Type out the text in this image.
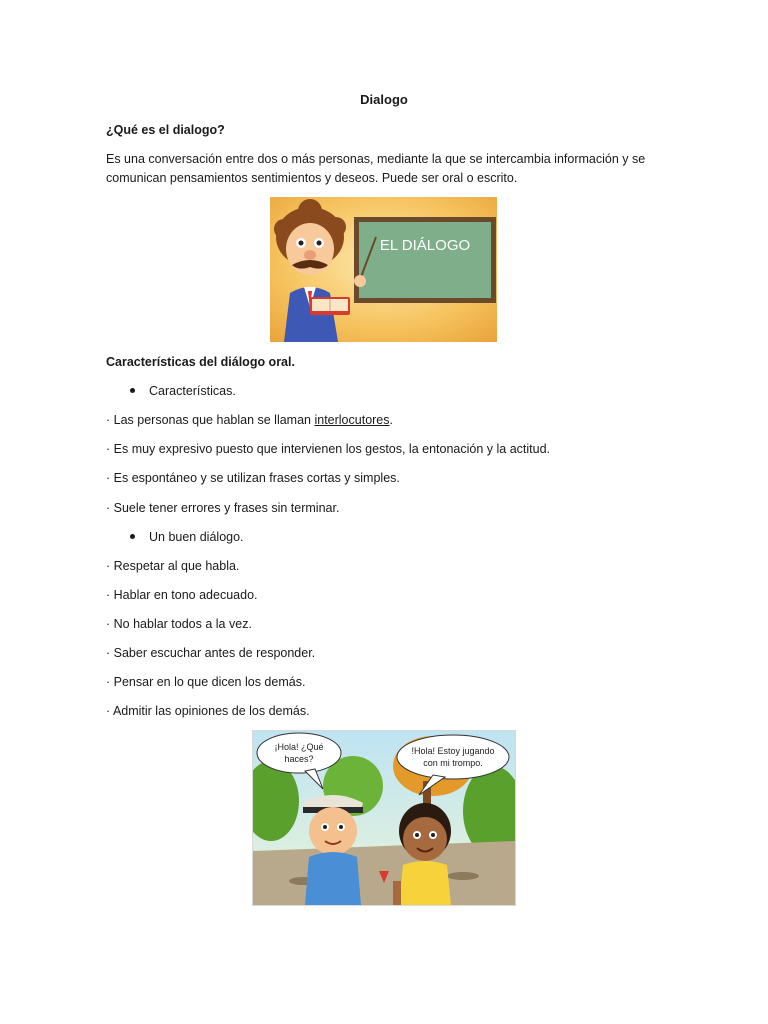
Dialogo
¿Qué es el dialogo?
Es una conversación entre dos o más personas, mediante la que se intercambia información y se comunican pensamientos sentimientos y deseos. Puede ser oral o escrito.
EL DIÁLOGO
Características del diálogo oral.
Características.
· Las personas que hablan se llaman interlocutores.
· Es muy expresivo puesto que intervienen los gestos, la entonación y la actitud.
· Es espontáneo y se utilizan frases cortas y simples.
· Suele tener errores y frases sin terminar.
Un buen diálogo.
· Respetar al que habla.
· Hablar en tono adecuado.
· No hablar todos a la vez.
· Saber escuchar antes de responder.
· Pensar en lo que dicen los demás.
· Admitir las opiniones de los demás.
¡Hola! ¿Qué
haces?
!Hola! Estoy jugando
con mi trompo.
